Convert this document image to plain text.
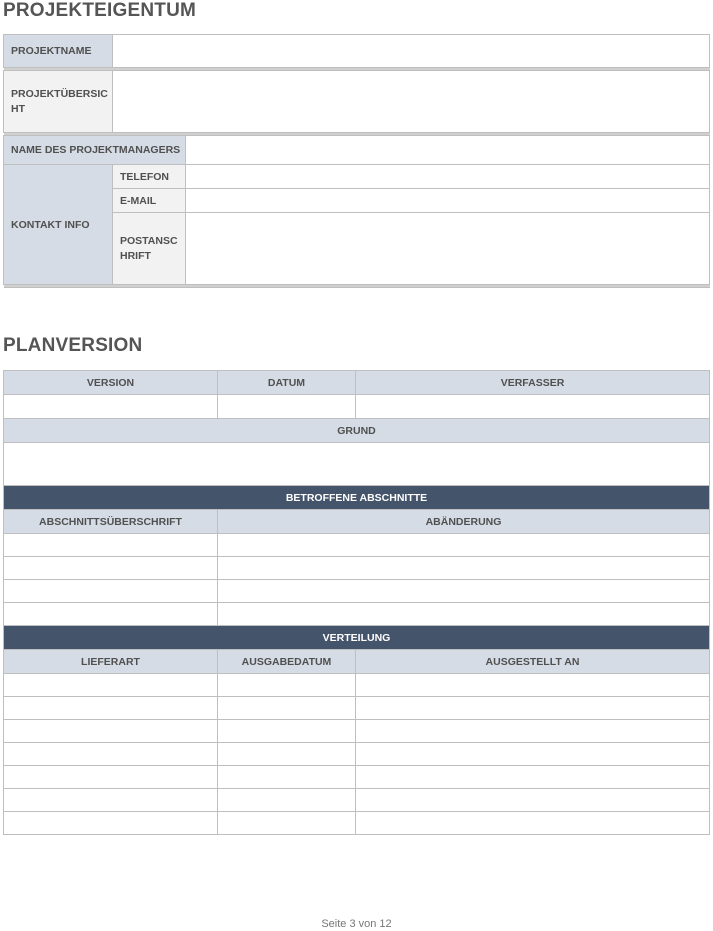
PROJEKTEIGENTUM
PROJEKTNAME		

PROJEKTÜBERSICHT		

NAME DES PROJEKTMANAGERS		
KONTAKT INFO	TELEFON	
	E-MAIL	
	POSTANSCHRIFT	

PLANVERSION
VERSION	DATUM	VERFASSER

GRUND		

BETROFFENE ABSCHNITTE		
ABSCHNITTSÜBERSCHRIFT	ABÄNDERUNG	

VERTEILUNG		
LIEFERART	AUSGABEDATUM	AUSGESTELLT AN

Seite 3 von 12
